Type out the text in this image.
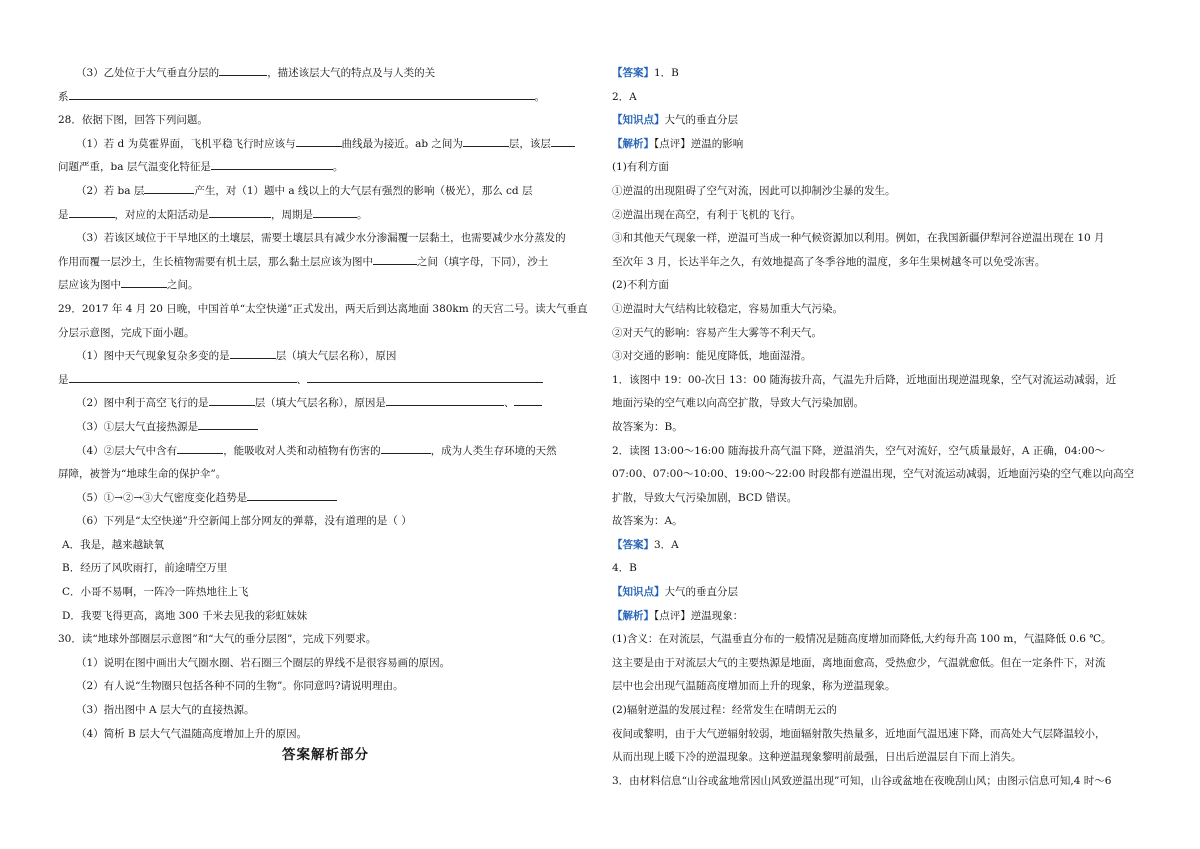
（3）乙处位于大气垂直分层的	，描述该层大气的特点及与人类的关
系	。
28．依据下图，回答下列问题。
（1）若 d 为莫霍界面，飞机平稳飞行时应该与	曲线最为接近。ab 之间为	层，该层
问题严重，ba 层气温变化特征是	。
（2）若 ba 层	产生，对（1）题中 a 线以上的大气层有强烈的影响（极光），那么 cd 层
是	，对应的太阳活动是	，周期是	。
（3）若该区域位于干旱地区的土壤层，需要土壤层具有减少水分渗漏覆一层黏土，也需要减少水分蒸发的
作用而覆一层沙土，生长植物需要有机土层，那么黏土层应该为图中	之间（填字母，下同），沙土
层应该为图中	之间。
29．2017 年 4 月 20 日晚，中国首单“太空快递”正式发出，两天后到达离地面 380km 的天宫二号。读大气垂直
分层示意图，完成下面小题。
（1）图中天气现象复杂多变的是	层（填大气层名称），原因
是	、
（2）图中利于高空飞行的是	层（填大气层名称），原因是	、
（3）①层大气直接热源是
（4）②层大气中含有	，能吸收对人类和动植物有伤害的	，成为人类生存环境的天然
屏障，被誉为“地球生命的保护伞”。
（5）①→②→③大气密度变化趋势是
（6）下列是“太空快递”升空新闻上部分网友的弹幕，没有道理的是（ ）
A．我是，越来越缺氧
B．经历了风吹雨打，前途晴空万里
C．小哥不易啊，一阵冷一阵热地往上飞
D．我要飞得更高，离地 300 千米去见我的彩虹妹妹
30．读“地球外部圈层示意图”和“大气的垂分层图”，完成下列要求。
（1）说明在图中画出大气圈水圈、岩石圈三个圈层的界线不是很容易画的原因。
（2）有人说“生物圈只包括各种不同的生物”。你同意吗?请说明理由。
（3）指出图中 A 层大气的直接热源。
（4）简析 B 层大气气温随高度增加上升的原因。
答案解析部分
【答案】1．B
2．A
【知识点】大气的垂直分层
【解析】【点评】逆温的影响
(1)有利方面
①逆温的出现阻碍了空气对流，因此可以抑制沙尘暴的发生。
②逆温出现在高空，有利于飞机的飞行。
③和其他天气现象一样，逆温可当成一种气候资源加以利用。例如，在我国新疆伊犁河谷逆温出现在 10 月
至次年 3 月，长达半年之久，有效地提高了冬季谷地的温度，多年生果树越冬可以免受冻害。
(2)不利方面
①逆温时大气结构比较稳定，容易加重大气污染。
②对天气的影响：容易产生大雾等不利天气。
③对交通的影响：能见度降低，地面湿滑。
1．该图中 19：00-次日 13：00 随海拔升高，气温先升后降，近地面出现逆温现象，空气对流运动减弱，近
地面污染的空气难以向高空扩散，导致大气污染加剧。
故答案为：B。
2．读图 13:00～16:00 随海拔升高气温下降，逆温消失，空气对流好，空气质量最好，A 正确，04:00～
07:00、07:00～10:00、19:00～22:00 时段都有逆温出现，空气对流运动减弱，近地面污染的空气难以向高空
扩散，导致大气污染加剧，BCD 错误。
故答案为：A。
【答案】3．A
4．B
【知识点】大气的垂直分层
【解析】【点评】逆温现象：
(1)含义：在对流层，气温垂直分布的一般情况是随高度增加而降低,大约每升高 100 m，气温降低 0.6 ℃。
这主要是由于对流层大气的主要热源是地面，离地面愈高，受热愈少，气温就愈低。但在一定条件下，对流
层中也会出现气温随高度增加而上升的现象，称为逆温现象。
(2)辐射逆温的发展过程：经常发生在晴朗无云的
夜间或黎明，由于大气逆辐射较弱，地面辐射散失热量多，近地面气温迅速下降，而高处大气层降温较小，
从而出现上暖下冷的逆温现象。这种逆温现象黎明前最强，日出后逆温层自下而上消失。
3．由材料信息“山谷或盆地常因山风致逆温出现”可知，山谷或盆地在夜晚刮山风；由图示信息可知,4 时～6
